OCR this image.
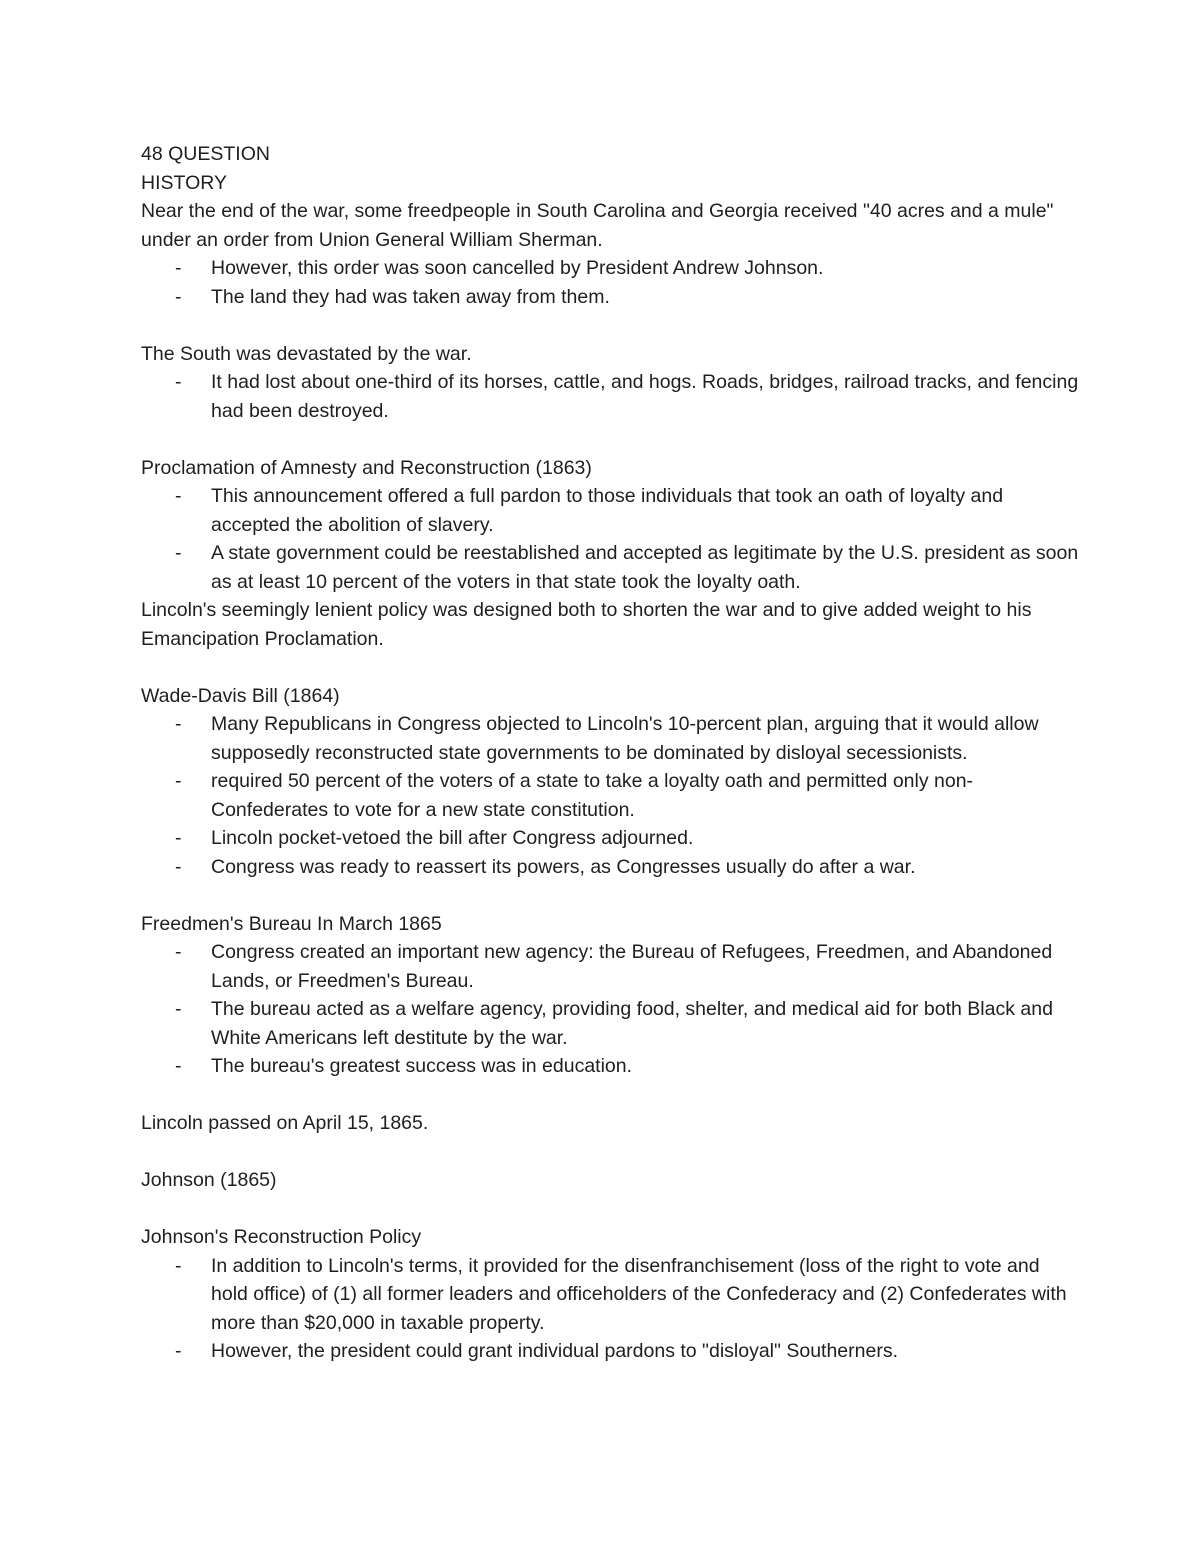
48 QUESTION

HISTORY

Near the end of the war, some freedpeople in South Carolina and Georgia received "40 acres and a mule" under an order from Union General William Sherman.

- However, this order was soon cancelled by President Andrew Johnson.
- The land they had was taken away from them.

The South was devastated by the war.

- It had lost about one-third of its horses, cattle, and hogs. Roads, bridges, railroad tracks, and fencing had been destroyed.

Proclamation of Amnesty and Reconstruction (1863)

- This announcement offered a full pardon to those individuals that took an oath of loyalty and accepted the abolition of slavery.
- A state government could be reestablished and accepted as legitimate by the U.S. president as soon as at least 10 percent of the voters in that state took the loyalty oath.

Lincoln's seemingly lenient policy was designed both to shorten the war and to give added weight to his Emancipation Proclamation.

Wade-Davis Bill (1864)

- Many Republicans in Congress objected to Lincoln's 10-percent plan, arguing that it would allow supposedly reconstructed state governments to be dominated by disloyal secessionists.
- required 50 percent of the voters of a state to take a loyalty oath and permitted only non-Confederates to vote for a new state constitution.
- Lincoln pocket-vetoed the bill after Congress adjourned.
- Congress was ready to reassert its powers, as Congresses usually do after a war.

Freedmen's Bureau In March 1865

- Congress created an important new agency: the Bureau of Refugees, Freedmen, and Abandoned Lands, or Freedmen's Bureau.
- The bureau acted as a welfare agency, providing food, shelter, and medical aid for both Black and White Americans left destitute by the war.
- The bureau's greatest success was in education.

Lincoln passed on April 15, 1865.

Johnson (1865)

Johnson's Reconstruction Policy

- In addition to Lincoln's terms, it provided for the disenfranchisement (loss of the right to vote and hold office) of (1) all former leaders and officeholders of the Confederacy and (2) Confederates with more than $20,000 in taxable property.
- However, the president could grant individual pardons to "disloyal" Southerners.
